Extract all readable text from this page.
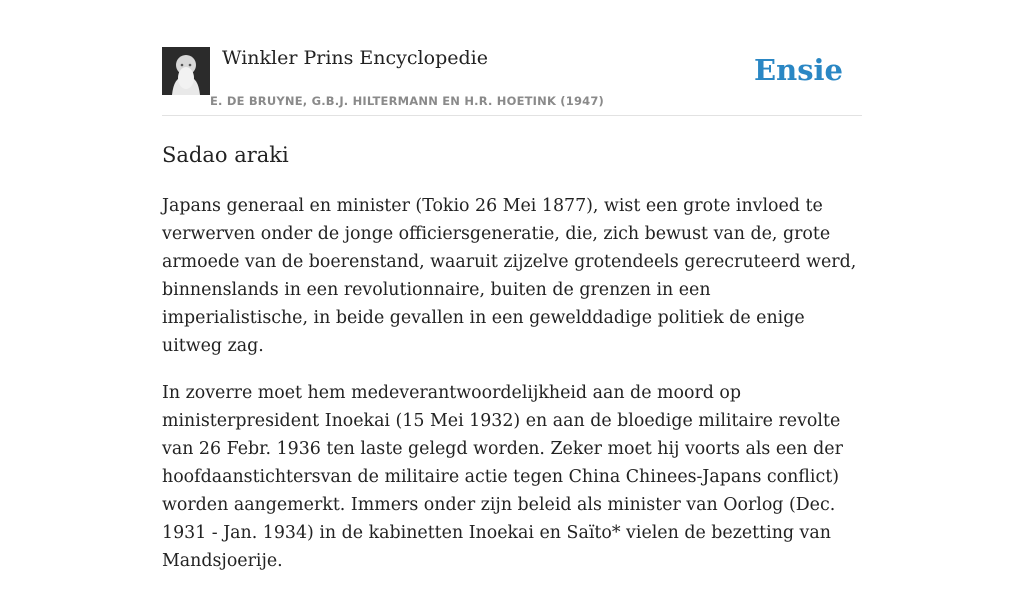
Winkler Prins Encyclopedie
E. DE BRUYNE, G.B.J. HILTERMANN EN H.R. HOETINK (1947)
Ensie
Sadao araki

Japans generaal en minister (Tokio 26 Mei 1877), wist een grote invloed te verwerven onder de jonge officiersgeneratie, die, zich bewust van de, grote armoede van de boerenstand, waaruit zijzelve grotendeels gerecruteerd werd, binnenslands in een revolutionnaire, buiten de grenzen in een imperialistische, in beide gevallen in een gewelddadige politiek de enige uitweg zag.

In zoverre moet hem medeverantwoordelijkheid aan de moord op ministerpresident Inoekai (15 Mei 1932) en aan de bloedige militaire revolte van 26 Febr. 1936 ten laste gelegd worden. Zeker moet hij voorts als een der hoofdaanstichtersvan de militaire actie tegen China Chinees-Japans conflict) worden aangemerkt. Immers onder zijn beleid als minister van Oorlog (Dec. 1931 - Jan. 1934) in de kabinetten Inoekai en Saïto* vielen de bezetting van Mandsjoerije.
